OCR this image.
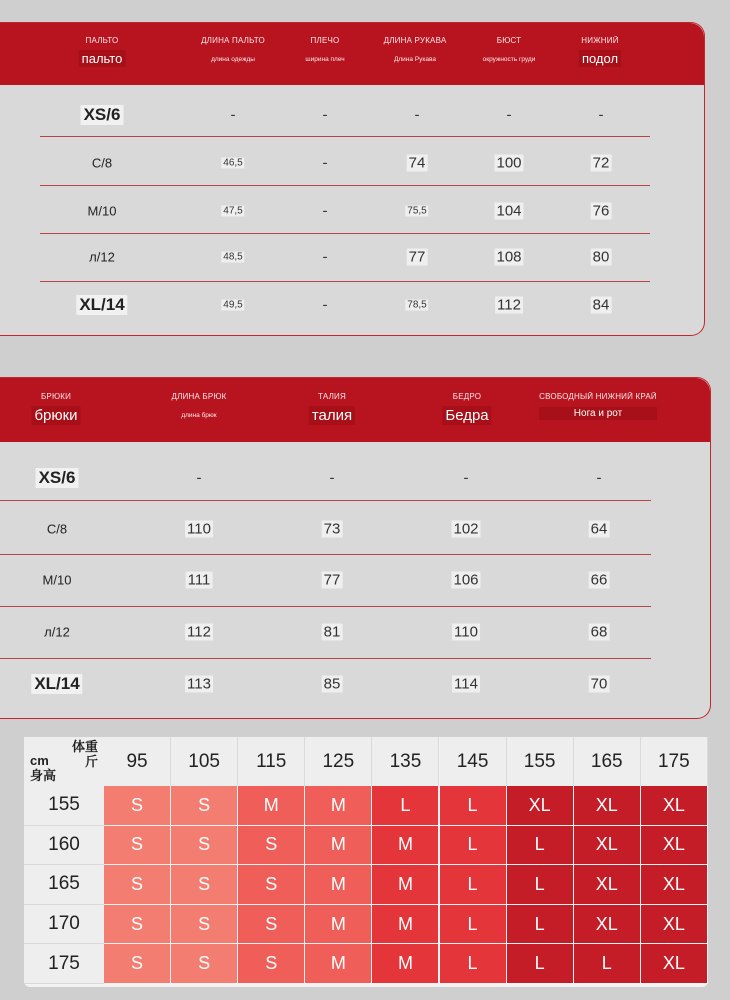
ПАЛЬТО
пальто
ДЛИНА ПАЛЬТО
длина одежды
ПЛЕЧО
ширина плеч
ДЛИНА РУКАВА
Длина Рукава
БЮСТ
окружность груди
НИЖНИЙ
подол
XS/6	-	-	-	-	-
С/8	46,5	-	74	100	72
M/10	47,5	-	75,5	104	76
л/12	48,5	-	77	108	80
XL/14	49,5	-	78,5	112	84
БРЮКИ
брюки
ДЛИНА БРЮК
длина брюк
ТАЛИЯ
талия
БЕДРО
Бедра
СВОБОДНЫЙ НИЖНИЙ КРАЙ
Нога и рот
XS/6	-	-	-	-
С/8	110	73	102	64
M/10	111	77	106	66
л/12	112	81	110	68
XL/14	113	85	114	70
体重
斤
cm
身高
95	105	115	125	135	145	155	165	175
155	S	S	M	M	L	L	XL	XL	XL
160	S	S	S	M	M	L	L	XL	XL
165	S	S	S	M	M	L	L	XL	XL
170	S	S	S	M	M	L	L	XL	XL
175	S	S	S	M	M	L	L	L	XL
